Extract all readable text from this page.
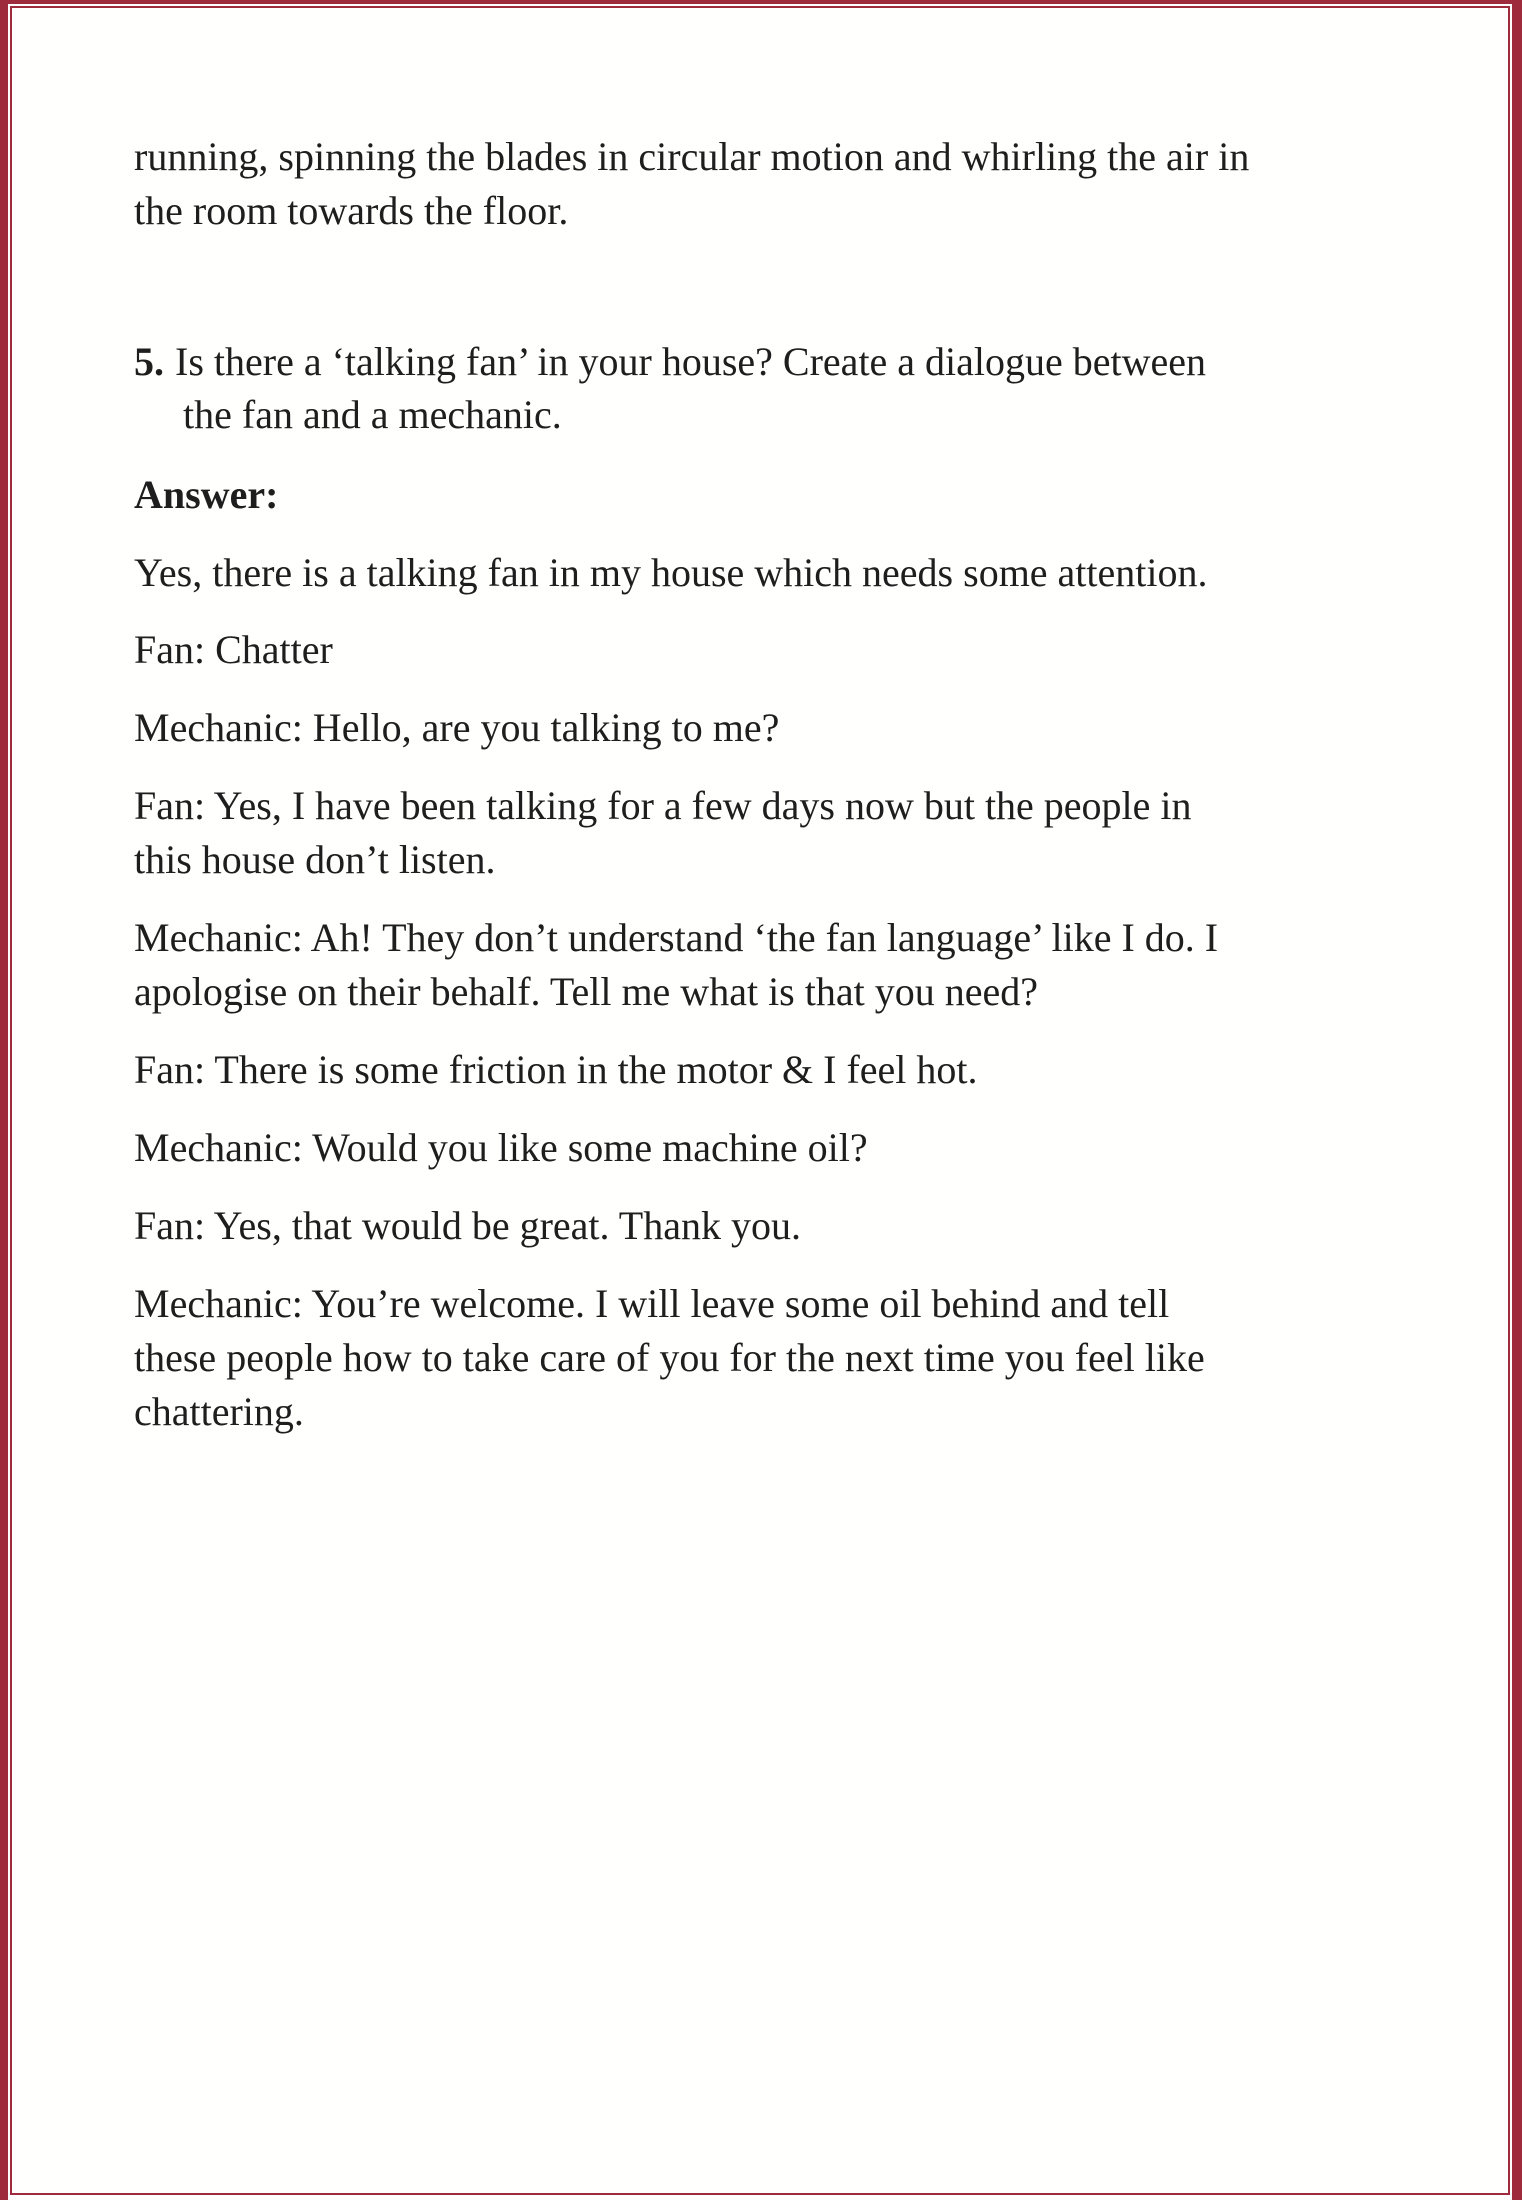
running, spinning the blades in circular motion and whirling the air in
the room towards the floor.
5. Is there a ‘talking fan’ in your house? Create a dialogue between
the fan and a mechanic.
Answer:
Yes, there is a talking fan in my house which needs some attention.
Fan: Chatter
Mechanic: Hello, are you talking to me?
Fan: Yes, I have been talking for a few days now but the people in
this house don’t listen.
Mechanic: Ah! They don’t understand ‘the fan language’ like I do. I
apologise on their behalf. Tell me what is that you need?
Fan: There is some friction in the motor & I feel hot.
Mechanic: Would you like some machine oil?
Fan: Yes, that would be great. Thank you.
Mechanic: You’re welcome. I will leave some oil behind and tell
these people how to take care of you for the next time you feel like
chattering.
